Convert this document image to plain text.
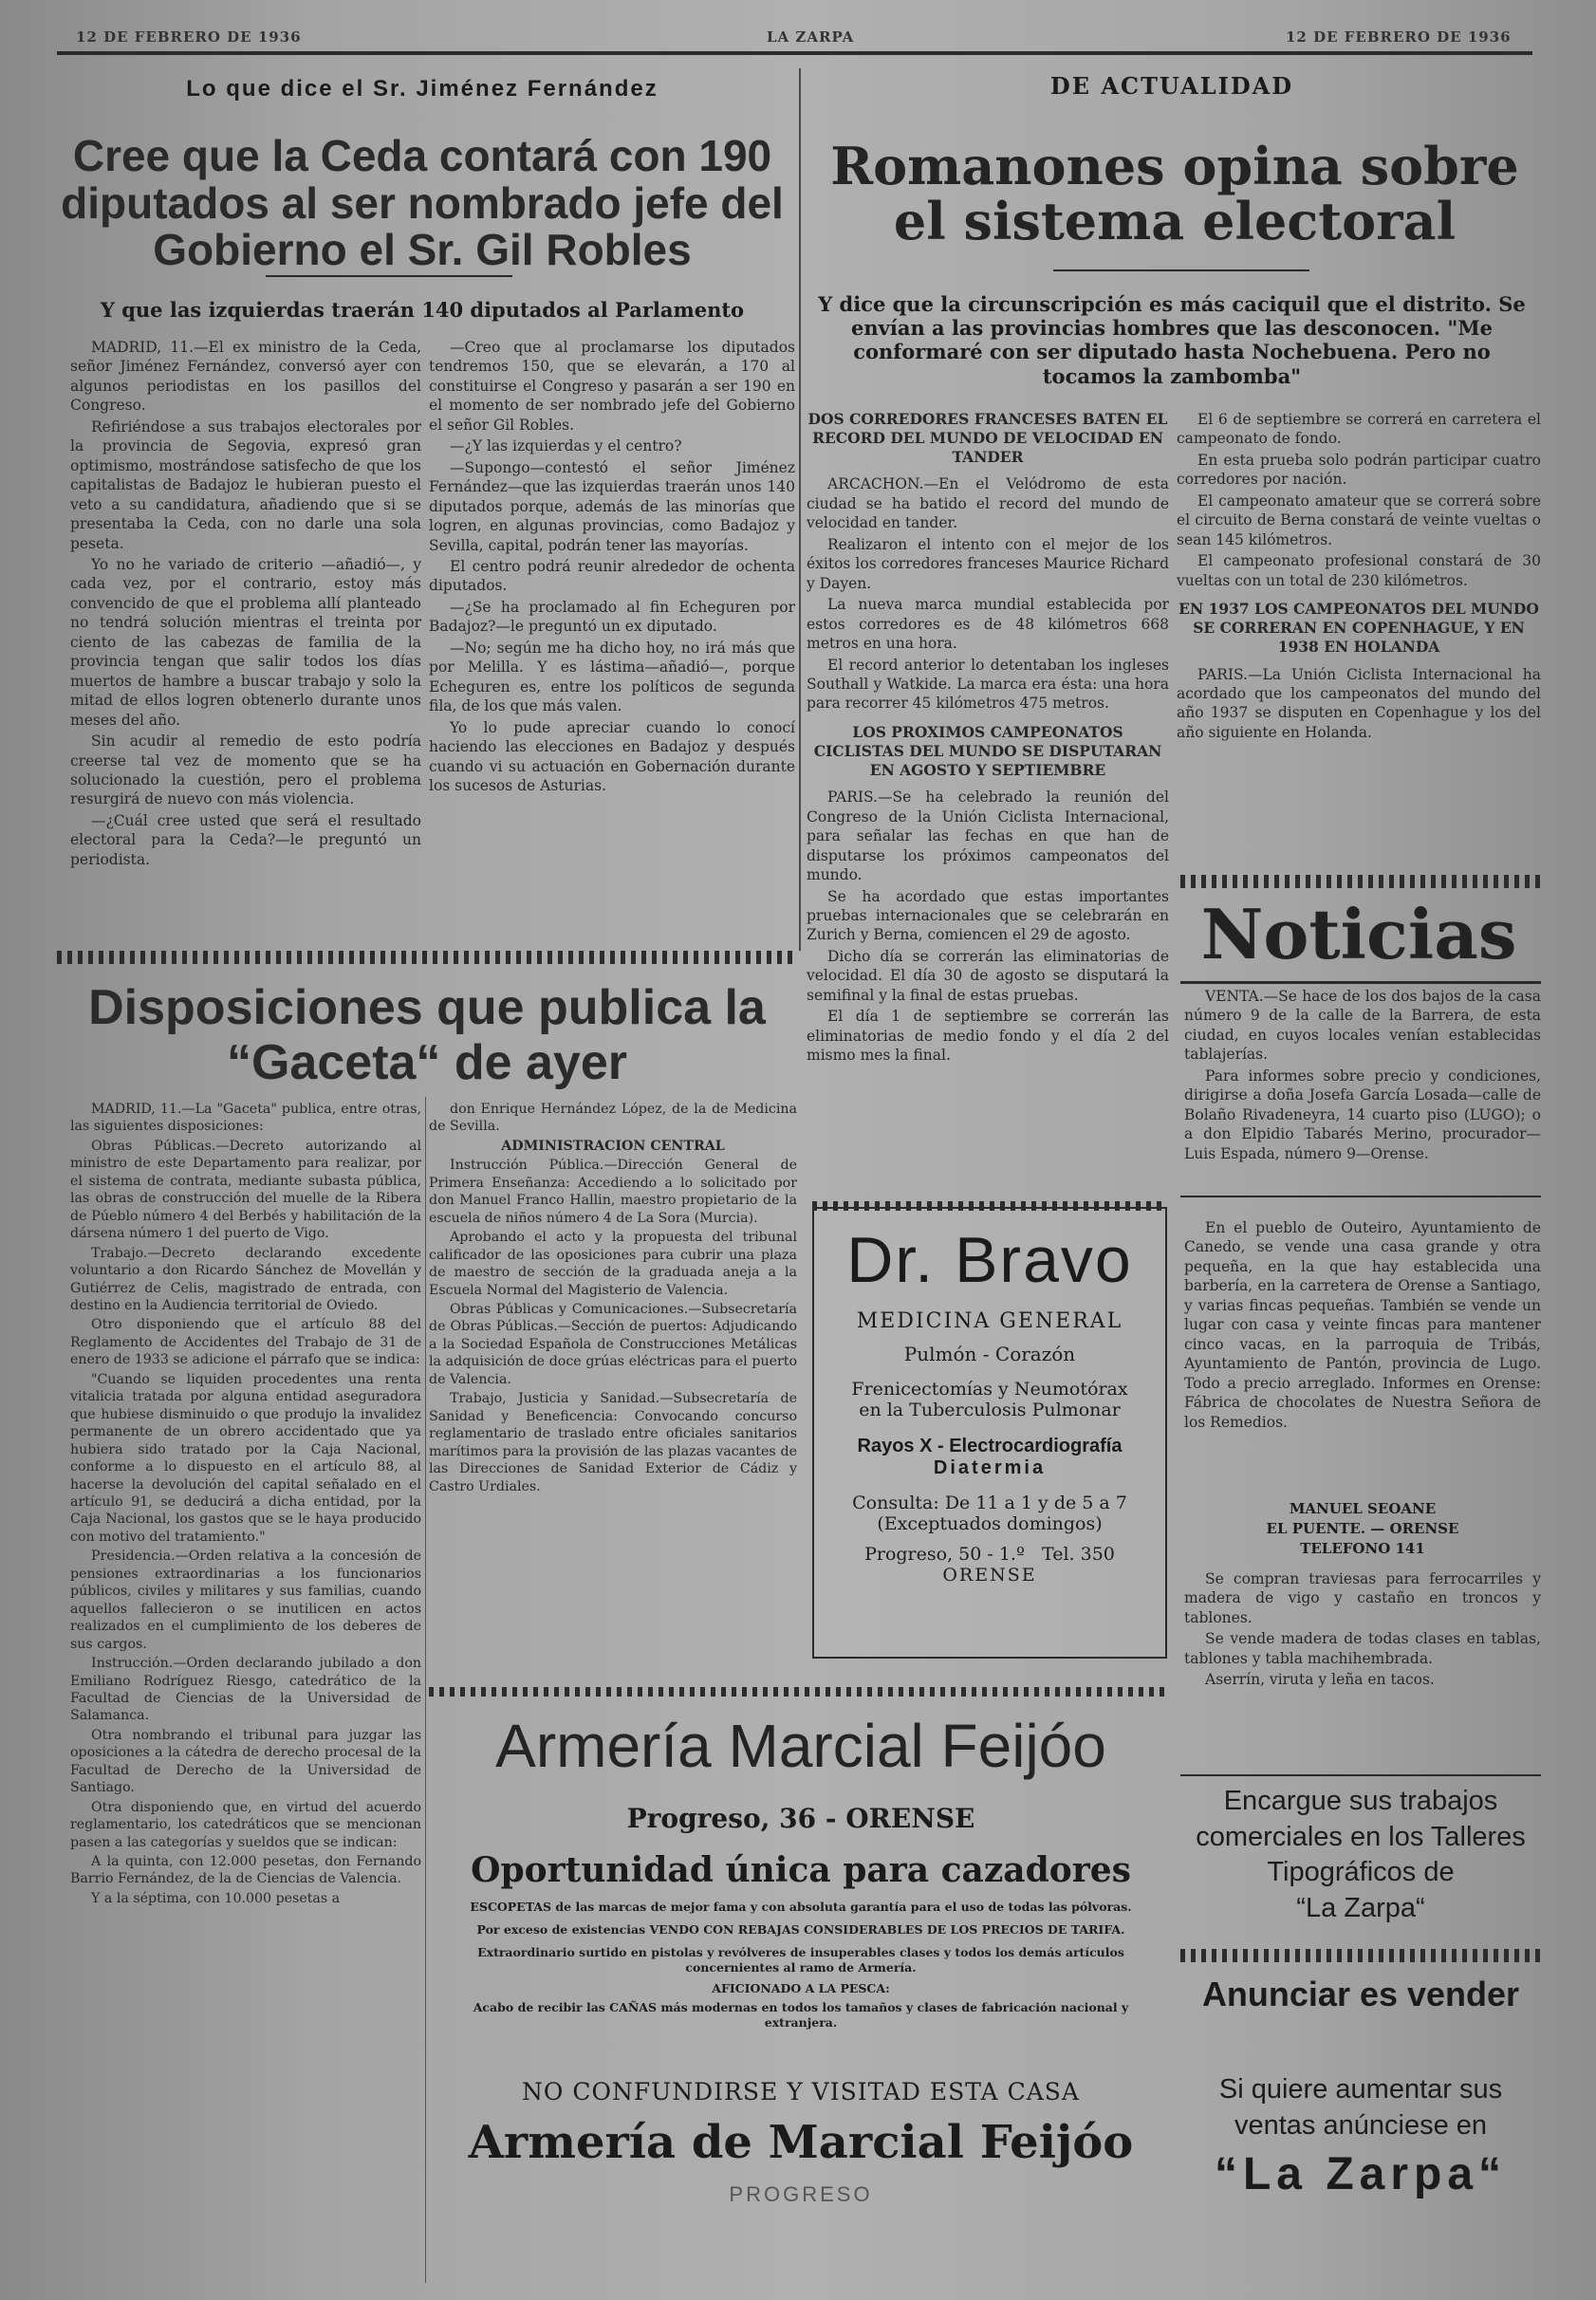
12 DE FEBRERO DE 1936	LA ZARPA	12 DE FEBRERO DE 1936
Lo que dice el Sr. Jiménez Fernández
Cree que la Ceda contará con 190 diputados al ser nombrado jefe del Gobierno el Sr. Gil Robles
Y que las izquierdas traerán 140 diputados al Parlamento

MADRID, 11.—El ex ministro de la Ceda, señor Jiménez Fernández, conversó ayer con algunos periodistas en los pasillos del Congreso.

Refiriéndose a sus trabajos electorales por la provincia de Segovia, expresó gran optimismo, mostrándose satisfecho de que los capitalistas de Badajoz le hubieran puesto el veto a su candidatura, añadiendo que si se presentaba la Ceda, con no darle una sola peseta.

Yo no he variado de criterio —añadió—, y cada vez, por el contrario, estoy más convencido de que el problema allí planteado no tendrá solución mientras el treinta por ciento de las cabezas de familia de la provincia tengan que salir todos los días muertos de hambre a buscar trabajo y solo la mitad de ellos logren obtenerlo durante unos meses del año.

Sin acudir al remedio de esto podría creerse tal vez de momento que se ha solucionado la cuestión, pero el problema resurgirá de nuevo con más violencia.

—¿Cuál cree usted que será el resultado electoral para la Ceda?—le preguntó un periodista.

—Creo que al proclamarse los diputados tendremos 150, que se elevarán, a 170 al constituirse el Congreso y pasarán a ser 190 en el momento de ser nombrado jefe del Gobierno el señor Gil Robles.

—¿Y las izquierdas y el centro?

—Supongo—contestó el señor Jiménez Fernández—que las izquierdas traerán unos 140 diputados porque, además de las minorías que logren, en algunas provincias, como Badajoz y Sevilla, capital, podrán tener las mayorías.

El centro podrá reunir alrededor de ochenta diputados.

—¿Se ha proclamado al fin Echeguren por Badajoz?—le preguntó un ex diputado.

—No; según me ha dicho hoy, no irá más que por Melilla. Y es lástima—añadió—, porque Echeguren es, entre los políticos de segunda fila, de los que más valen.

Yo lo pude apreciar cuando lo conocí haciendo las elecciones en Badajoz y después cuando vi su actuación en Gobernación durante los sucesos de Asturias.

DE ACTUALIDAD
Romanones opina sobre el sistema electoral
Y dice que la circunscripción es más caciquil que el distrito. Se envían a las provincias hombres que las desconocen. "Me conformaré con ser diputado hasta Nochebuena. Pero no tocamos la zambomba"
DOS CORREDORES FRANCESES BATEN EL RECORD DEL MUNDO DE VELOCIDAD EN TANDER

ARCACHON.—En el Velódromo de esta ciudad se ha batido el record del mundo de velocidad en tander.

Realizaron el intento con el mejor de los éxitos los corredores franceses Maurice Richard y Dayen.

La nueva marca mundial establecida por estos corredores es de 48 kilómetros 668 metros en una hora.

El record anterior lo detentaban los ingleses Southall y Watkide. La marca era ésta: una hora para recorrer 45 kilómetros 475 metros.

LOS PROXIMOS CAMPEONATOS CICLISTAS DEL MUNDO SE DISPUTARAN EN AGOSTO Y SEPTIEMBRE

PARIS.—Se ha celebrado la reunión del Congreso de la Unión Ciclista Internacional, para señalar las fechas en que han de disputarse los próximos campeonatos del mundo.

Se ha acordado que estas importantes pruebas internacionales que se celebrarán en Zurich y Berna, comiencen el 29 de agosto.

Dicho día se correrán las eliminatorias de velocidad. El día 30 de agosto se disputará la semifinal y la final de estas pruebas.

El día 1 de septiembre se correrán las eliminatorias de medio fondo y el día 2 del mismo mes la final.

El 6 de septiembre se correrá en carretera el campeonato de fondo.

En esta prueba solo podrán participar cuatro corredores por nación.

El campeonato amateur que se correrá sobre el circuito de Berna constará de veinte vueltas o sean 145 kilómetros.

El campeonato profesional constará de 30 vueltas con un total de 230 kilómetros.

EN 1937 LOS CAMPEONATOS DEL MUNDO SE CORRERAN EN COPENHAGUE, Y EN 1938 EN HOLANDA

PARIS.—La Unión Ciclista Internacional ha acordado que los campeonatos del mundo del año 1937 se disputen en Copenhague y los del año siguiente en Holanda.

Noticias

VENTA.—Se hace de los dos bajos de la casa número 9 de la calle de la Barrera, de esta ciudad, en cuyos locales venían establecidas tablajerías.

Para informes sobre precio y condiciones, dirigirse a doña Josefa García Losada—calle de Bolaño Rivadeneyra, 14 cuarto piso (LUGO); o a don Elpidio Tabarés Merino, procurador—Luis Espada, número 9—Orense.

En el pueblo de Outeiro, Ayuntamiento de Canedo, se vende una casa grande y otra pequeña, en la que hay establecida una barbería, en la carretera de Orense a Santiago, y varias fincas pequeñas. También se vende un lugar con casa y veinte fincas para mantener cinco vacas, en la parroquia de Tribás, Ayuntamiento de Pantón, provincia de Lugo. Todo a precio arreglado. Informes en Orense: Fábrica de chocolates de Nuestra Señora de los Remedios.

MANUEL SEOANE
EL PUENTE. — ORENSE
TELEFONO 141

Se compran traviesas para ferrocarriles y madera de vigo y castaño en troncos y tablones.

Se vende madera de todas clases en tablas, tablones y tabla machihembrada.

Aserrín, viruta y leña en tacos.

Encargue sus trabajos comerciales en los Talleres Tipográficos de
“La Zarpa“
Anunciar es vender
Si quiere aumentar sus ventas anúnciese en
“La Zarpa“
Disposiciones que publica la
“Gaceta“ de ayer

MADRID, 11.—La "Gaceta" publica, entre otras, las siguientes disposiciones:

Obras Públicas.—Decreto autorizando al ministro de este Departamento para realizar, por el sistema de contrata, mediante subasta pública, las obras de construcción del muelle de la Ribera de Púeblo número 4 del Berbés y habilitación de la dársena número 1 del puerto de Vigo.

Trabajo.—Decreto declarando excedente voluntario a don Ricardo Sánchez de Movellán y Gutiérrez de Celis, magistrado de entrada, con destino en la Audiencia territorial de Oviedo.

Otro disponiendo que el artículo 88 del Reglamento de Accidentes del Trabajo de 31 de enero de 1933 se adicione el párrafo que se indica:

"Cuando se liquiden procedentes una renta vitalicia tratada por alguna entidad aseguradora que hubiese disminuido o que produjo la invalidez permanente de un obrero accidentado que ya hubiera sido tratado por la Caja Nacional, conforme a lo dispuesto en el artículo 88, al hacerse la devolución del capital señalado en el artículo 91, se deducirá a dicha entidad, por la Caja Nacional, los gastos que se le haya producido con motivo del tratamiento."

Presidencia.—Orden relativa a la concesión de pensiones extraordinarias a los funcionarios públicos, civiles y militares y sus familias, cuando aquellos fallecieron o se inutilicen en actos realizados en el cumplimiento de los deberes de sus cargos.

Instrucción.—Orden declarando jubilado a don Emiliano Rodríguez Riesgo, catedrático de la Facultad de Ciencias de la Universidad de Salamanca.

Otra nombrando el tribunal para juzgar las oposiciones a la cátedra de derecho procesal de la Facultad de Derecho de la Universidad de Santiago.

Otra disponiendo que, en virtud del acuerdo reglamentario, los catedráticos que se mencionan pasen a las categorías y sueldos que se indican:

A la quinta, con 12.000 pesetas, don Fernando Barrio Fernández, de la de Ciencias de Valencia.

Y a la séptima, con 10.000 pesetas a

don Enrique Hernández López, de la de Medicina de Sevilla.

ADMINISTRACION CENTRAL

Instrucción Pública.—Dirección General de Primera Enseñanza: Accediendo a lo solicitado por don Manuel Franco Hallin, maestro propietario de la escuela de niños número 4 de La Sora (Murcia).

Aprobando el acto y la propuesta del tribunal calificador de las oposiciones para cubrir una plaza de maestro de sección de la graduada aneja a la Escuela Normal del Magisterio de Valencia.

Obras Públicas y Comunicaciones.—Subsecretaría de Obras Públicas.—Sección de puertos: Adjudicando a la Sociedad Española de Construcciones Metálicas la adquisición de doce grúas eléctricas para el puerto de Valencia.

Trabajo, Justicia y Sanidad.—Subsecretaría de Sanidad y Beneficencia: Convocando concurso reglamentario de traslado entre oficiales sanitarios marítimos para la provisión de las plazas vacantes de las Direcciones de Sanidad Exterior de Cádiz y Castro Urdiales.

Dr. Bravo
MEDICINA GENERAL
Pulmón - Corazón
Frenicectomías y Neumotórax
en la Tuberculosis Pulmonar
Rayos X - Electrocardiografía
Diatermia
Consulta: De 11 a 1 y de 5 a 7
(Exceptuados domingos)
Progreso, 50 - 1.º Tel. 350
ORENSE
Armería Marcial Feijóo
Progreso, 36 - ORENSE
Oportunidad única para cazadores
ESCOPETAS de las marcas de mejor fama y con absoluta garantía para el uso de todas las pólvoras.
Por exceso de existencias VENDO CON REBAJAS CONSIDERABLES DE LOS PRECIOS DE TARIFA.
Extraordinario surtido en pistolas y revólveres de insuperables clases y todos los demás artículos concernientes al ramo de Armería.
AFICIONADO A LA PESCA:
Acabo de recibir las CAÑAS más modernas en todos los tamaños y clases de fabricación nacional y extranjera.
NO CONFUNDIRSE Y VISITAD ESTA CASA
Armería de Marcial Feijóo
PROGRESO
